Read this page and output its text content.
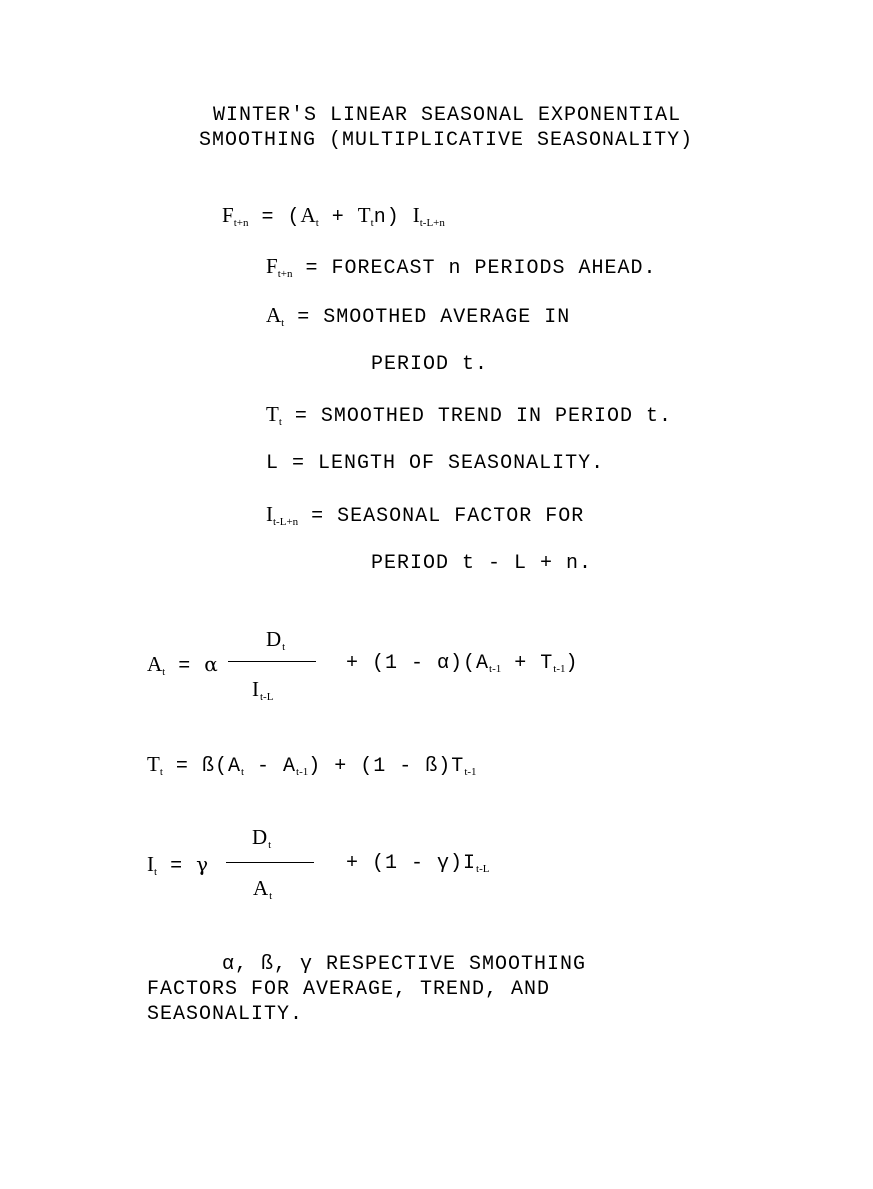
WINTER'S LINEAR SEASONAL EXPONENTIAL
SMOOTHING (MULTIPLICATIVE SEASONALITY)
$F_{t+n} = (A_t + T_tn)$ $I_{t-L+n}$
$F_{t+n}$ = FORECAST n PERIODS AHEAD.
$A_t$ = SMOOTHED AVERAGE IN
PERIOD t.
$T_t$ = SMOOTHED TREND IN PERIOD t.
L = LENGTH OF SEASONALITY.
$I_{t-L+n}$ = SEASONAL FACTOR FOR
PERIOD t - L + n.
$A_t = \alpha$
$D_t$
$I_{t-L}$
+ $(1 - \alpha)(A_{t-1} + T_{t-1})$
$T_t$ = $ß(A_t - A_{t-1}) + (1$ - $ß)T_{t-1}$
$I_t = \gamma$
$D_t$
$A_t$
+ $(1 - \gamma)I_{t-L}$
α, ß, γ RESPECTIVE SMOOTHING
FACTORS FOR AVERAGE, TREND, AND
SEASONALITY.
